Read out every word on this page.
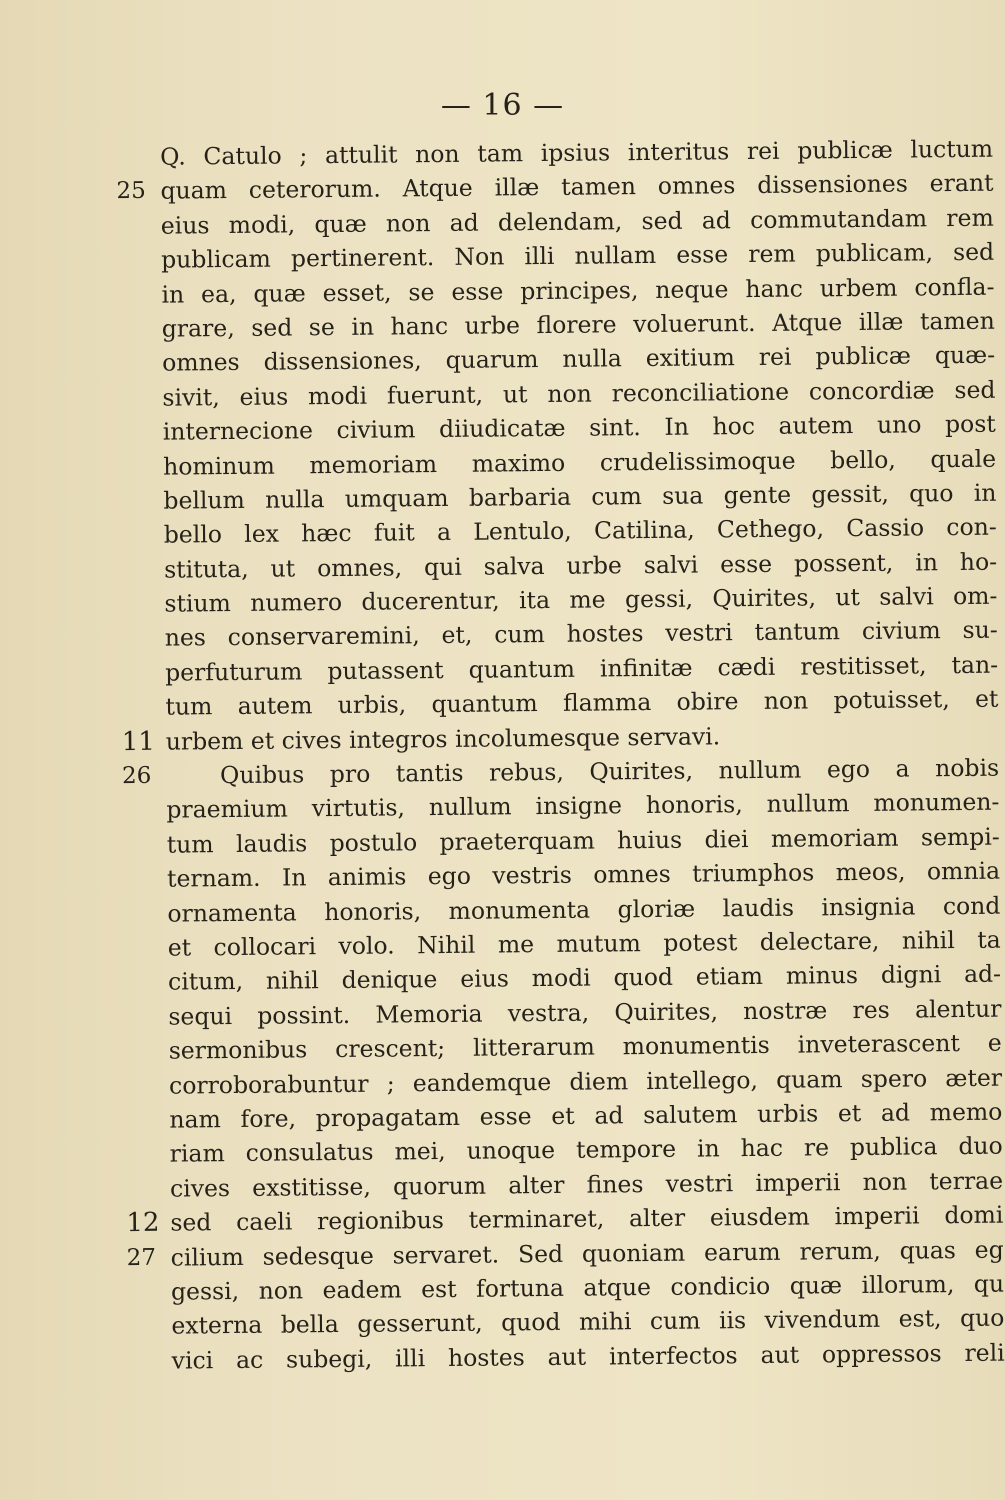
— 16 —
Q. Catulo ; attulit non tam ipsius interitus rei publicæ luctum
25 quam ceterorum. Atque illæ tamen omnes dissensiones erant
eius modi, quæ non ad delendam, sed ad commutandam rem
publicam pertinerent. Non illi nullam esse rem publicam, sed
in ea, quæ esset, se esse principes, neque hanc urbem confla-
grare, sed se in hanc urbe florere voluerunt. Atque illæ tamen
omnes dissensiones, quarum nulla exitium rei publicæ quæ-
sivit, eius modi fuerunt, ut non reconciliatione concordiæ sed
internecione civium diiudicatæ sint. In hoc autem uno post
hominum memoriam maximo crudelissimoque bello, quale
bellum nulla umquam barbaria cum sua gente gessit, quo in
bello lex hæc fuit a Lentulo, Catilina, Cethego, Cassio con-
stituta, ut omnes, qui salva urbe salvi esse possent, in ho-
stium numero ducerentur, ita me gessi, Quirites, ut salvi om-
nes conservaremini, et, cum hostes vestri tantum civium su-
perfuturum putassent quantum infinitæ cædi restitisset, tan-
tum autem urbis, quantum flamma obire non potuisset, et
11 urbem et cives integros incolumesque servavi.
26	Quibus pro tantis rebus, Quirites, nullum ego a nobis
praemium virtutis, nullum insigne honoris, nullum monumen-
tum laudis postulo praeterquam huius diei memoriam sempi-
ternam. In animis ego vestris omnes triumphos meos, omnia
ornamenta honoris, monumenta gloriæ laudis insignia cond
et collocari volo. Nihil me mutum potest delectare, nihil ta
citum, nihil denique eius modi quod etiam minus digni ad-
sequi possint. Memoria vestra, Quirites, nostræ res alentur
sermonibus crescent; litterarum monumentis inveterascent e
corroborabuntur ; eandemque diem intellego, quam spero æter
nam fore, propagatam esse et ad salutem urbis et ad memo
riam consulatus mei, unoque tempore in hac re publica duo
cives exstitisse, quorum alter fines vestri imperii non terrae
12 sed caeli regionibus terminaret, alter eiusdem imperii domi
27 cilium sedesque servaret. Sed quoniam earum rerum, quas eg
gessi, non eadem est fortuna atque condicio quæ illorum, qu
externa bella gesserunt, quod mihi cum iis vivendum est, quo
vici ac subegi, illi hostes aut interfectos aut oppressos reli
